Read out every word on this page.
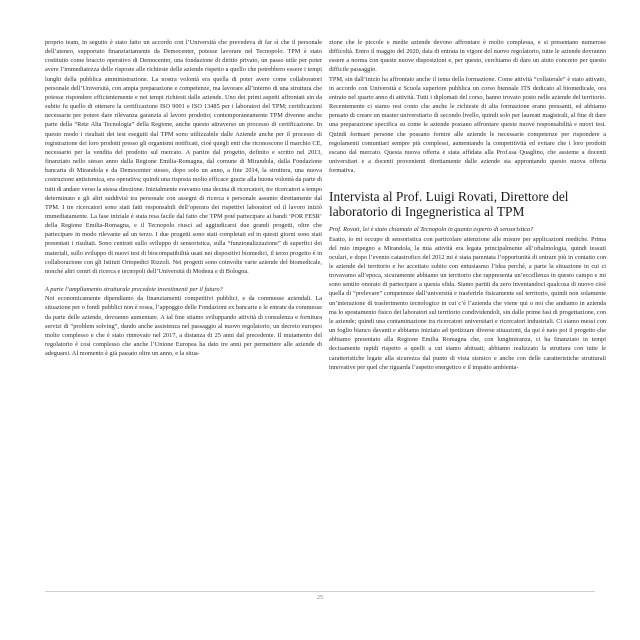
proprio team, in seguito è stato fatto un accordo con l’Università che prevedeva di far sì che il personale dell’ateneo, supportato finanziariamente da Democenter, potesse lavorare nel Tecnopolo. TPM è stato costituito come braccio operativo di Democenter, una fondazione di diritto privato, un passo utile per poter avere l’immediatezza delle risposte alle richieste delle aziende rispetto a quello che potrebbero essere i tempi lunghi della pubblica amministrazione. La nostra volontà era quella di poter avere come collaboratori personale dell’Università, con ampia preparazione e competenze, ma lavorare all’interno di una struttura che potesse rispondere efficientemente e nei tempi richiesti dalle aziende. Uno dei primi aspetti affrontati sin da subito fu quello di ottenere la certificazione ISO 9001 e ISO 13485 per i laboratori del TPM; certificazioni necessarie per potere dare rilevanza garanzia al lavoro prodotto; contemporaneamente TPM divenne anche parte della “Rete Alta Tecnologia” della Regione, anche questo attraverso un processo di certificazione. In questo modo i risultati dei test eseguiti dal TPM sono utilizzabile dalle Aziende anche per il processo di registrazione dei loro prodotti presso gli organismi notificati, cioè quegli enti che riconoscono il marchio CE, necessario per la vendita del prodotto sul mercato. A partire dal progetto, definito e scritto nel 2013, finanziato nello stesso anno dalla Regione Emilia-Romagna, dal comune di Mirandola, dalla Fondazione bancaria di Mirandola e da Democenter stesso, dopo solo un anno, a fine 2014, la struttura, una nuova costruzione antisismica, era operativa; quindi una risposta molto efficace grazie alla buona volontà da parte di tutti di andare verso la stessa direzione. Inizialmente eravamo una decina di ricercatori, tre ricercatori a tempo determinato e gli altri suddivisi tra personale con assegni di ricerca e personale assunto direttamente dal TPM. I tre ricercatori sono stati fatti responsabili dell’operato dei rispettivi laboratori ed il lavoro iniziò immediatamente. La fase iniziale è stata resa facile dal fatto che TPM poté partecipare ai bandi ‘POR FESR’ della Regione Emilia-Romagna, e il Tecnopolo riuscì ad aggiudicarsi due grandi progetti, oltre che partecipare in modo rilevante ad un terzo. I due progetti sono stati completati ed in questi giorni sono stati presentati i risultati. Sono centrati sullo sviluppo di sensoristica, sulla “funzionalizzazione” di superfici dei materiali, sullo sviluppo di nuovi test di biocompatibilità usati nei dispositivi biomedici, il terzo progetto è in collaborazione con gli Istituti Ortopedici Rizzoli. Nei progetti sono coinvolte varie aziende del biomedicale, nonché altri centri di ricerca e tecnopoli dell’Università di Modena e di Bologna.

A parte l’ampliamento strutturale precedete investimenti per il futuro?

Noi economicamente dipendiamo da finanziamenti competitivi pubblici, e da commesse aziendali. La situazione per o fondi pubblici non è rosea, l’appoggio delle Fondazioni ex bancarie e le entrate da commesse da parte delle aziende, dovranno aumentare. A tal fine stiamo sviluppando attività di consulenza e fornitura servizi di “problem solving”, dando anche assistenza nel passaggio al nuovo regolatorio, un decreto europeo molto complesso e che è stato rinnovato nel 2017, a distanza di 25 anni dal precedente. Il mutamento del regolatorio è così complesso che anche l’Unione Europea ha dato tre anni per permettere alle aziende di adeguarsi. Al momento è già passato oltre un anno, e la situa-

zione che le piccole e medie aziende devono affrontare è molto complessa, e si presentano numerose difficoltà. Entro il maggio del 2020, data di entrata in vigore del nuovo regolatorio, tutte le aziende dovranno essere a norma con queste nuove disposizioni e, per questo, cerchiamo di dare un aiuto concreto per questo difficile passaggio.

TPM, sin dall’inizio ha affrontato anche il tema della formazione. Come attività “collaterale” è stato attivato, in accordo con Università e Scuola superiore pubblica un corso biennale ITS dedicato al biomedicale, ora entrato nel quarto anno di attività. Tutti i diplomati del corso, hanno trovato posto nelle aziende del territorio. Recentemente ci siamo resi conto che anche le richieste di alta formazione erano pressanti, ed abbiamo pensato di creare un master universitario di secondo livello, quindi solo per laureati magistrali, al fine di dare una preparazione specifica su come le aziende possano affrontare queste nuove responsabilità e nuovi test. Quindi formare persone che possano fornire alle aziende le necessarie competenze per rispondere a regolamenti comunitari sempre più complessi, aumentando la competitività ed evitare che i loro prodotti escano dal mercato. Questa nuova offerta è stata affidata alla Prof.ssa Quaglino, che assieme a docenti universitari e a docenti provenienti direttamente dalle aziende sta approntando questo nuova offerta formativa.

Intervista al Prof. Luigi Rovati, Direttore del laboratorio di Ingegneristica al TPM

Prof. Rovati, lei è stato chiamato al Tecnopolo in quanto esperto di sensoristica?

Esatto, io mi occupo di sensoristica con particolare attenzione alle misure per applicazioni mediche. Prima del mio impegno a Mirandola, la mia attività era legata principalmente all’oftalmologia, quindi tessuti oculari, e dopo l’evento catastrofico del 2012 mi è stata parentata l’opportunità di entrare più in contatto con le aziende del territorio e ho accettato subito con entusiasmo l’idea perché, a parte la situazione in cui ci trovavamo all’epoca, sicuramente abbiamo un territorio che rappresenta un’eccellenza in questo campo e mi sono sentito onorato di partecipare a questa sfida. Siamo partiti da zero inventandoci qualcosa di nuovo cioè quella di “prelevare” competenze dall’università e trasferirle fisicamente sul territorio, quindi non solamente un’interazione di trasferimento tecnologico in cui c’è l’azienda che viene qui o noi che andiamo in azienda ma lo spostamento fisico dei laboratori sul territorio condividendoli, sin dalle prime fasi di progettazione, con le aziende; quindi una contaminazione tra ricercatori universitari e ricercatori industriali. Ci siamo messi con un foglio bianco davanti e abbiamo iniziato ad ipotizzare diverse situazioni, da qui è nato poi il progetto che abbiamo presentato alla Regione Emilia Romagna che, con lungimiranza, ci ha finanziato in tempi decisamente rapidi rispetto a quelli a cui siamo abituati; abbiamo realizzato la struttura con tutte le caratteristiche legate alla sicurezza dal punto di vista sismico e anche con delle caratteristiche strutturali innovative per quel che riguarda l’aspetto energetico e il impatto ambienta-

25
